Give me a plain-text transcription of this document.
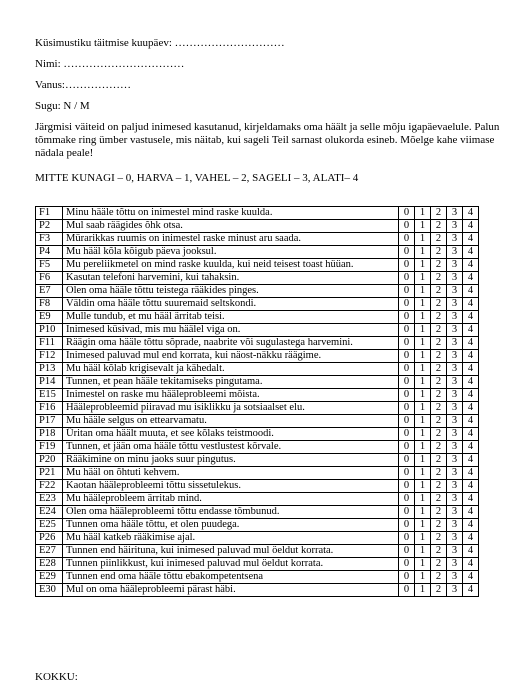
Küsimustiku täitmise kuupäev: …………………………
Nimi: ……………………………
Vanus:………………
Sugu: N / M
Järgmisi väiteid on paljud inimesed kasutanud, kirjeldamaks oma häält ja selle mõju igapäevaelule. Palun tõmmake ring ümber vastusele, mis näitab, kui sageli Teil sarnast olukorda esineb. Mõelge kahe viimase nädala peale!
MITTE KUNAGI – 0, HARVA – 1, VAHEL – 2, SAGELI – 3, ALATI– 4
F1	Minu hääle tõttu on inimestel mind raske kuulda.	0	1	2	3	4
P2	Mul saab räägides õhk otsa.	0	1	2	3	4
F3	Mürarikkas ruumis on inimestel raske minust aru saada.	0	1	2	3	4
P4	Mu hääl kõla kõigub päeva jooksul.	0	1	2	3	4
F5	Mu pereliikmetel on mind raske kuulda, kui neid teisest toast hüüan.	0	1	2	3	4
F6	Kasutan telefoni harvemini, kui tahaksin.	0	1	2	3	4
E7	Olen oma hääle tõttu teistega rääkides pinges.	0	1	2	3	4
F8	Väldin oma hääle tõttu suuremaid seltskondi.	0	1	2	3	4
E9	Mulle tundub, et mu hääl ärritab teisi.	0	1	2	3	4
P10	Inimesed küsivad, mis mu häälel viga on.	0	1	2	3	4
F11	Räägin oma hääle tõttu sõprade, naabrite või sugulastega harvemini.	0	1	2	3	4
F12	Inimesed paluvad mul end korrata, kui näost-näkku räägime.	0	1	2	3	4
P13	Mu hääl kõlab krigisevalt ja kähedalt.	0	1	2	3	4
P14	Tunnen, et pean hääle tekitamiseks pingutama.	0	1	2	3	4
E15	Inimestel on raske mu hääleprobleemi mõista.	0	1	2	3	4
F16	Hääleprobleemid piiravad mu isiklikku ja sotsiaalset elu.	0	1	2	3	4
P17	Mu hääle selgus on ettearvamatu.	0	1	2	3	4
P18	Üritan oma häält muuta, et see kõlaks teistmoodi.	0	1	2	3	4
F19	Tunnen, et jään oma hääle tõttu vestlustest kõrvale.	0	1	2	3	4
P20	Rääkimine on minu jaoks suur pingutus.	0	1	2	3	4
P21	Mu hääl on õhtuti kehvem.	0	1	2	3	4
F22	Kaotan hääleprobleemi tõttu sissetulekus.	0	1	2	3	4
E23	Mu hääleprobleem ärritab mind.	0	1	2	3	4
E24	Olen oma hääleprobleemi tõttu endasse tõmbunud.	0	1	2	3	4
E25	Tunnen oma hääle tõttu, et olen puudega.	0	1	2	3	4
P26	Mu hääl katkeb rääkimise ajal.	0	1	2	3	4
E27	Tunnen end häirituna, kui inimesed paluvad mul öeldut korrata.	0	1	2	3	4
E28	Tunnen piinlikkust, kui inimesed paluvad mul öeldut korrata.	0	1	2	3	4
E29	Tunnen end oma hääle tõttu ebakompetentsena	0	1	2	3	4
E30	Mul on oma hääleprobleemi pärast häbi.	0	1	2	3	4
KOKKU:
